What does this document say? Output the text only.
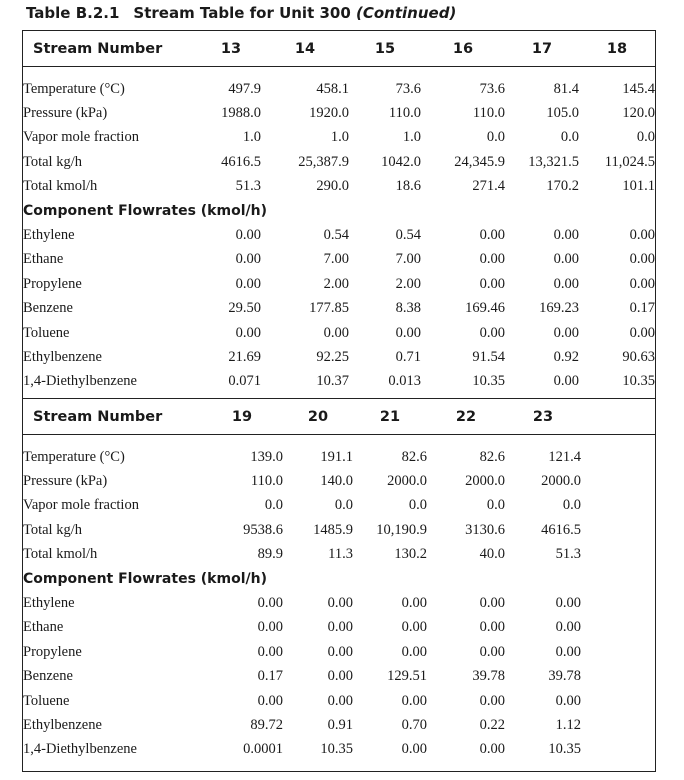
Table B.2.1 Stream Table for Unit 300 (Continued)
Stream Number	13	14	15	16	17	18

Temperature (°C)	497.9	458.1	73.6	73.6	81.4	145.4
Pressure (kPa)	1988.0	1920.0	110.0	110.0	105.0	120.0
Vapor mole fraction	1.0	1.0	1.0	0.0	0.0	0.0
Total kg/h	4616.5	25,387.9	1042.0	24,345.9	13,321.5	11,024.5
Total kmol/h	51.3	290.0	18.6	271.4	170.2	101.1
Component Flowrates (kmol/h)						
Ethylene	0.00	0.54	0.54	0.00	0.00	0.00
Ethane	0.00	7.00	7.00	0.00	0.00	0.00
Propylene	0.00	2.00	2.00	0.00	0.00	0.00
Benzene	29.50	177.85	8.38	169.46	169.23	0.17
Toluene	0.00	0.00	0.00	0.00	0.00	0.00
Ethylbenzene	21.69	92.25	0.71	91.54	0.92	90.63
1,4-Diethylbenzene	0.071	10.37	0.013	10.35	0.00	10.35
Stream Number	19	20	21	22	23	

Temperature (°C)	139.0	191.1	82.6	82.6	121.4	
Pressure (kPa)	110.0	140.0	2000.0	2000.0	2000.0	
Vapor mole fraction	0.0	0.0	0.0	0.0	0.0	
Total kg/h	9538.6	1485.9	10,190.9	3130.6	4616.5	
Total kmol/h	89.9	11.3	130.2	40.0	51.3	
Component Flowrates (kmol/h)						
Ethylene	0.00	0.00	0.00	0.00	0.00	
Ethane	0.00	0.00	0.00	0.00	0.00	
Propylene	0.00	0.00	0.00	0.00	0.00	
Benzene	0.17	0.00	129.51	39.78	39.78	
Toluene	0.00	0.00	0.00	0.00	0.00	
Ethylbenzene	89.72	0.91	0.70	0.22	1.12	
1,4-Diethylbenzene	0.0001	10.35	0.00	0.00	10.35	
